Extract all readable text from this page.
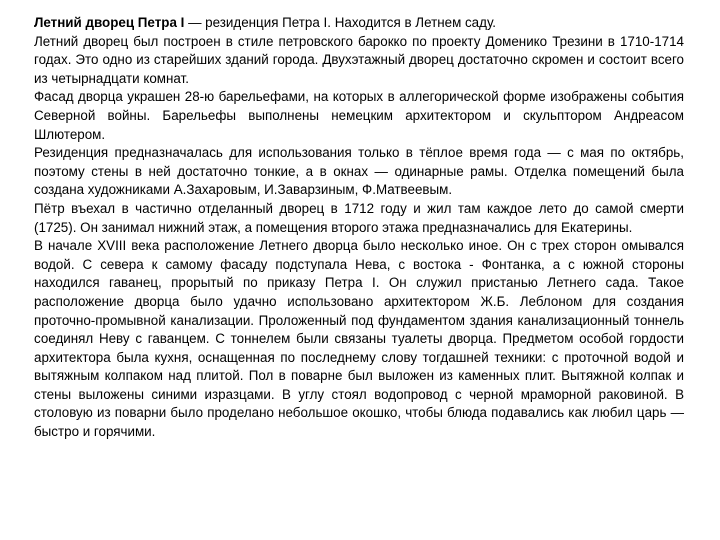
Летний дворец Петра I — резиденция Петра I. Находится в Летнем саду.

Летний дворец был построен в стиле петровского барокко по проекту Доменико Трезини в 1710-1714 годах. Это одно из старейших зданий города. Двухэтажный дворец достаточно скромен и состоит всего из четырнадцати комнат.

Фасад дворца украшен 28-ю барельефами, на которых в аллегорической форме изображены события Северной войны. Барельефы выполнены немецким архитектором и скульптором Андреасом Шлютером.

Резиденция предназначалась для использования только в тёплое время года — с мая по октябрь, поэтому стены в ней достаточно тонкие, а в окнах — одинарные рамы. Отделка помещений была создана художниками А.Захаровым, И.Заварзиным, Ф.Матвеевым.

Пётр въехал в частично отделанный дворец в 1712 году и жил там каждое лето до самой смерти (1725). Он занимал нижний этаж, а помещения второго этажа предназначались для Екатерины.

В начале XVIII века расположение Летнего дворца было несколько иное. Он с трех сторон омывался водой. С севера к самому фасаду подступала Нева, с востока - Фонтанка, а с южной стороны находился гаванец, прорытый по приказу Петра I. Он служил пристанью Летнего сада. Такое расположение дворца было удачно использовано архитектором Ж.Б. Леблоном для создания проточно-промывной канализации. Проложенный под фундаментом здания канализационный тоннель соединял Неву с гаванцем. С тоннелем были связаны туалеты дворца. Предметом особой гордости архитектора была кухня, оснащенная по последнему слову тогдашней техники: с проточной водой и вытяжным колпаком над плитой. Пол в поварне был выложен из каменных плит. Вытяжной колпак и стены выложены синими изразцами. В углу стоял водопровод с черной мраморной раковиной. В столовую из поварни было проделано небольшое окошко, чтобы блюда подавались как любил царь — быстро и горячими.
